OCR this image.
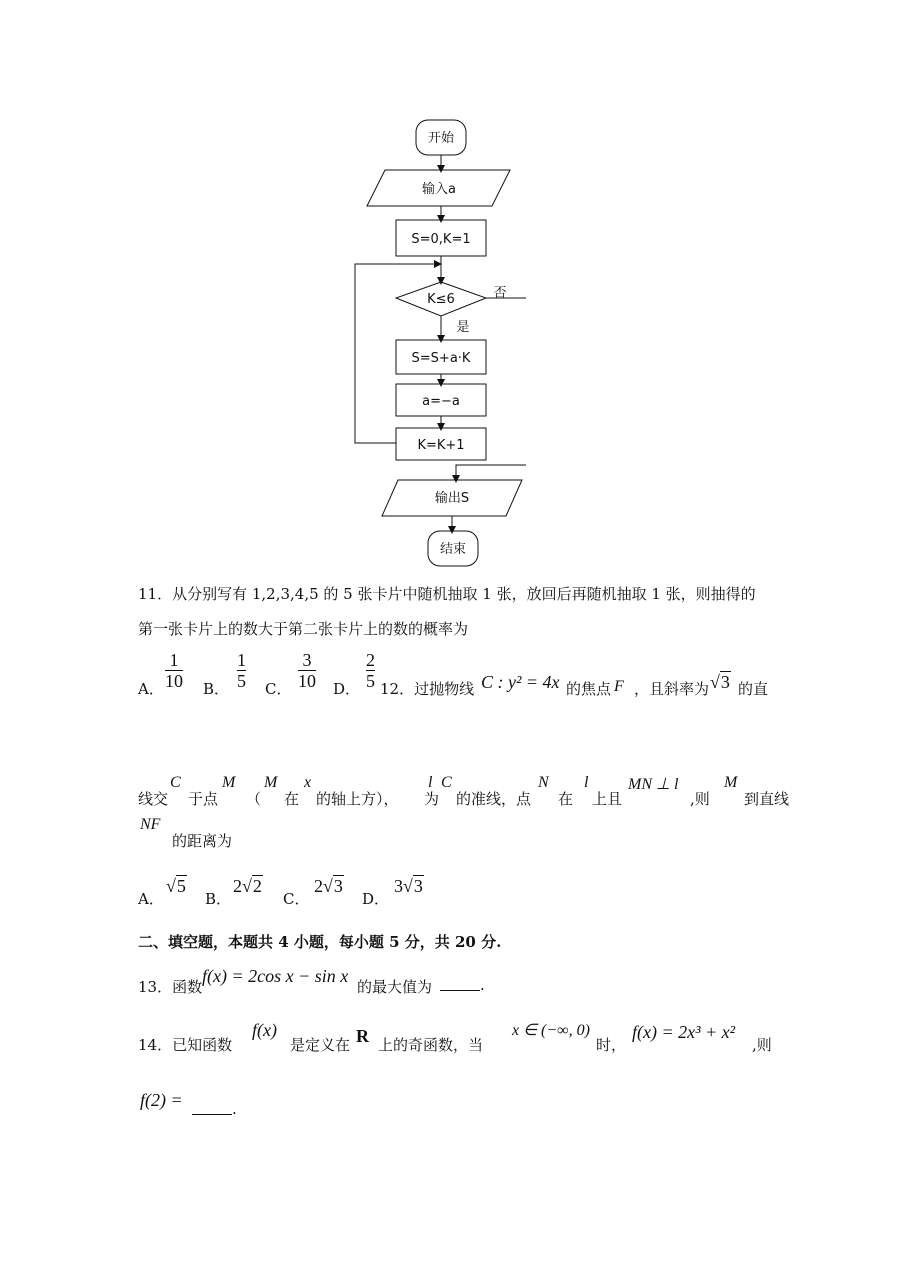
开始
输入a
S=0,K=1
K≤6	否
是
S=S+a·K
a=−a
K=K+1
输出S
结束
11．从分别写有 1,2,3,4,5 的 5 张卡片中随机抽取 1 张，放回后再随机抽取 1 张，则抽得的
第一张卡片上的数大于第二张卡片上的数的概率为
A．
1
10 B．
1
5 C．
3
10 D．
2
5 12．过抛物线 C : y² = 4x 的焦点 F ，且斜率为 √3 的直
线交
C
于点
M
（
M
在
x
的轴上方），
l
为
C
的准线，点
N
在
l
上且
MN ⊥ l
,则
M
到直线
NF
的距离为
A．
√5
B．
2√2
C．
2√3
D．
3√3
二、填空题，本题共 4 小题，每小题 5 分，共 20 分.
13．函数
f(x) = 2cos x − sin x
的最大值为	.
14．已知函数
f(x)
是定义在 R 上的奇函数，当
x ∈ (−∞, 0)
时，
f(x) = 2x³ + x²
,则
f(2) =	.
